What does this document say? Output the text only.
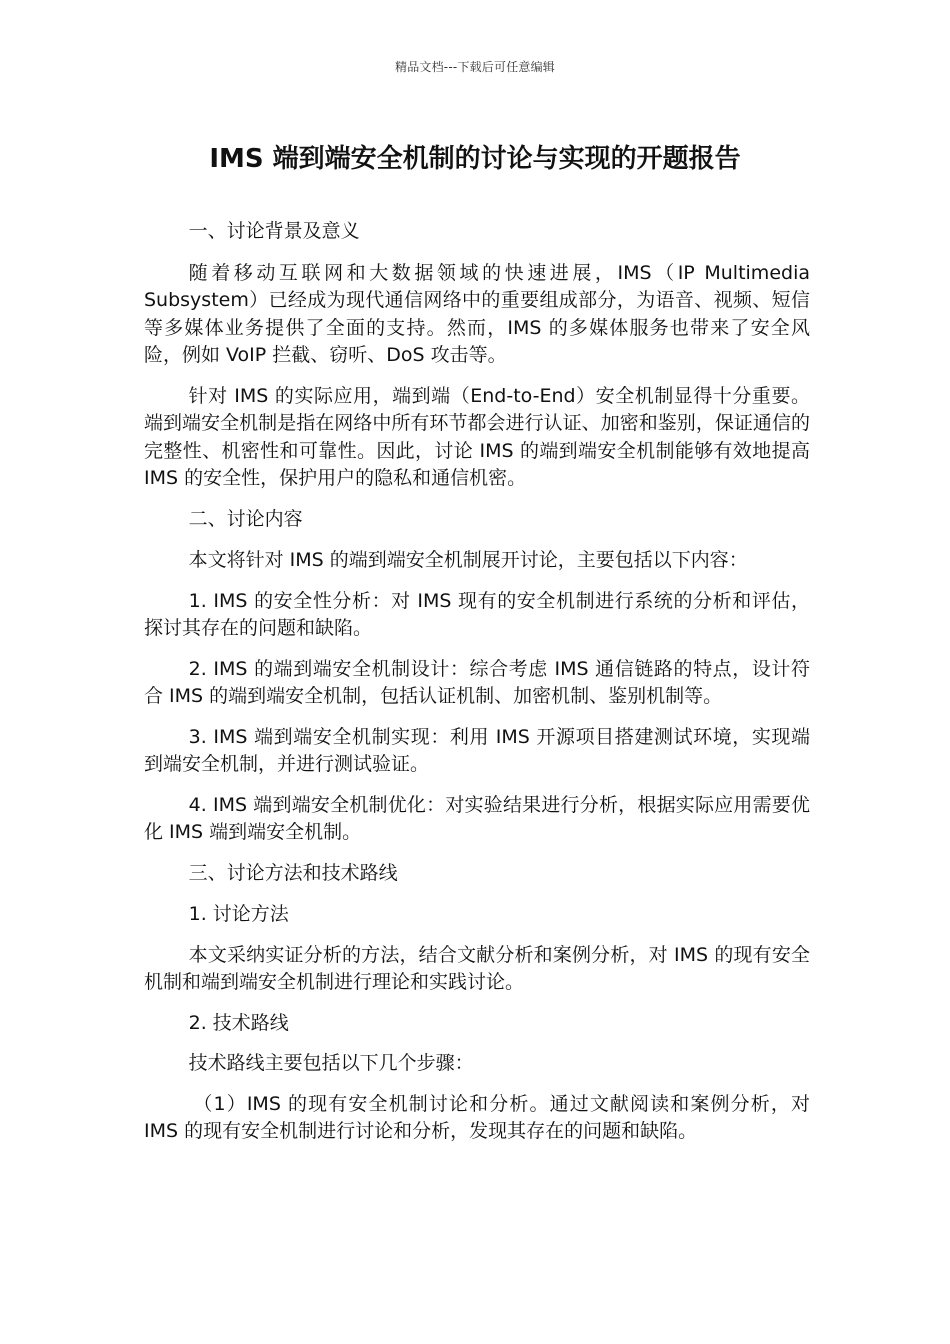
精品文档---下载后可任意编辑
IMS 端到端安全机制的讨论与实现的开题报告

一、讨论背景及意义

随着移动互联网和大数据领域的快速进展，IMS（IP Multimedia Subsystem）已经成为现代通信网络中的重要组成部分，为语音、视频、短信等多媒体业务提供了全面的支持。然而，IMS 的多媒体服务也带来了安全风险，例如 VoIP 拦截、窃听、DoS 攻击等。

针对 IMS 的实际应用，端到端（End-to-End）安全机制显得十分重要。端到端安全机制是指在网络中所有环节都会进行认证、加密和鉴别，保证通信的完整性、机密性和可靠性。因此，讨论 IMS 的端到端安全机制能够有效地提高 IMS 的安全性，保护用户的隐私和通信机密。

二、讨论内容

本文将针对 IMS 的端到端安全机制展开讨论，主要包括以下内容：

1. IMS 的安全性分析：对 IMS 现有的安全机制进行系统的分析和评估，探讨其存在的问题和缺陷。

2. IMS 的端到端安全机制设计：综合考虑 IMS 通信链路的特点，设计符合 IMS 的端到端安全机制，包括认证机制、加密机制、鉴别机制等。

3. IMS 端到端安全机制实现：利用 IMS 开源项目搭建测试环境，实现端到端安全机制，并进行测试验证。

4. IMS 端到端安全机制优化：对实验结果进行分析，根据实际应用需要优化 IMS 端到端安全机制。

三、讨论方法和技术路线

1. 讨论方法

本文采纳实证分析的方法，结合文献分析和案例分析，对 IMS 的现有安全机制和端到端安全机制进行理论和实践讨论。

2. 技术路线

技术路线主要包括以下几个步骤：

（1）IMS 的现有安全机制讨论和分析。通过文献阅读和案例分析，对 IMS 的现有安全机制进行讨论和分析，发现其存在的问题和缺陷。
